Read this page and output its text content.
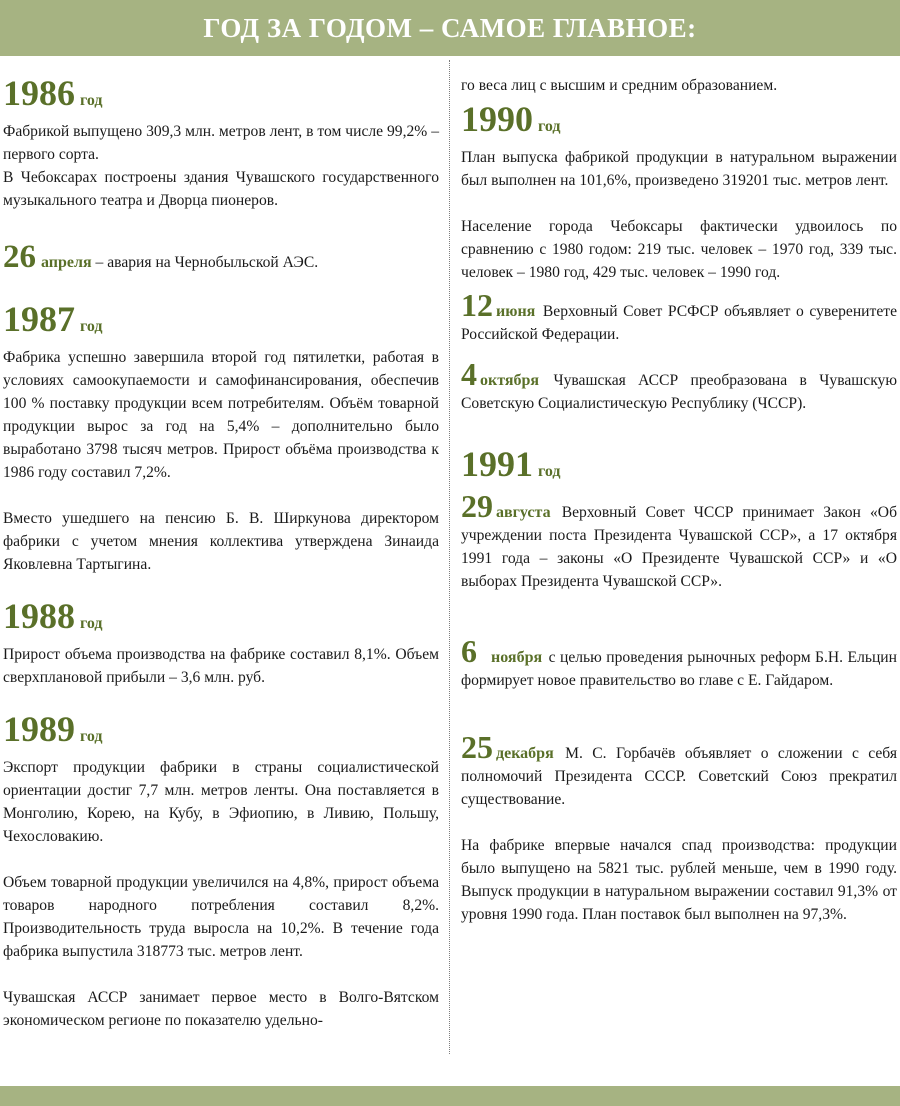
ГОД ЗА ГОДОМ – САМОЕ ГЛАВНОЕ:

1986 год

Фабрикой выпущено 309,3 млн. метров лент, в том числе 99,2% – первого сорта.

В Чебоксарах построены здания Чувашского государственного музыкального театра и Дворца пионеров.

26 апреля – авария на Чернобыльской АЭС.

1987 год

Фабрика успешно завершила второй год пятилетки, работая в условиях самоокупаемости и самофинансирования, обеспечив 100 % поставку продукции всем потребителям. Объём товарной продукции вырос за год на 5,4% – дополнительно было выработано 3798 тысяч метров. Прирост объёма производства к 1986 году составил 7,2%.

Вместо ушедшего на пенсию Б. В. Ширкунова директором фабрики с учетом мнения коллектива утверждена Зинаида Яковлевна Тартыгина.

1988 год

Прирост объема производства на фабрике составил 8,1%. Объем сверхплановой прибыли – 3,6 млн. руб.

1989 год

Экспорт продукции фабрики в страны социалистической ориентации достиг 7,7 млн. метров ленты. Она поставляется в Монголию, Корею, на Кубу, в Эфиопию, в Ливию, Польшу, Чехословакию.

Объем товарной продукции увеличился на 4,8%, прирост объема товаров народного потребления составил 8,2%. Производительность труда выросла на 10,2%. В течение года фабрика выпустила 318773 тыс. метров лент.

Чувашская АССР занимает первое место в Волго-Вятском экономическом регионе по показателю удельно-

го веса лиц с высшим и средним образованием.

1990 год

План выпуска фабрикой продукции в натуральном выражении был выполнен на 101,6%, произведено 319201 тыс. метров лент.

Население города Чебоксары фактически удвоилось по сравнению с 1980 годом: 219 тыс. человек – 1970 год, 339 тыс. человек – 1980 год, 429 тыс. человек – 1990 год.

12 июня Верховный Совет РСФСР объявляет о суверенитете Российской Федерации.

4 октября Чувашская АССР преобразована в Чувашскую Советскую Социалистическую Республику (ЧССР).

1991 год

29 августа Верховный Совет ЧССР принимает Закон «Об учреждении поста Президента Чувашской ССР», а 17 октября 1991 года – законы «О Президенте Чувашской ССР» и «О выборах Президента Чувашской ССР».

6 ноября с целью проведения рыночных реформ Б.Н. Ельцин формирует новое правительство во главе с Е. Гайдаром.

25 декабря М. С. Горбачёв объявляет о сложении с себя полномочий Президента СССР. Советский Союз прекратил существование.

На фабрике впервые начался спад производства: продукции было выпущено на 5821 тыс. рублей меньше, чем в 1990 году. Выпуск продукции в натуральном выражении составил 91,3% от уровня 1990 года. План поставок был выполнен на 97,3%.
